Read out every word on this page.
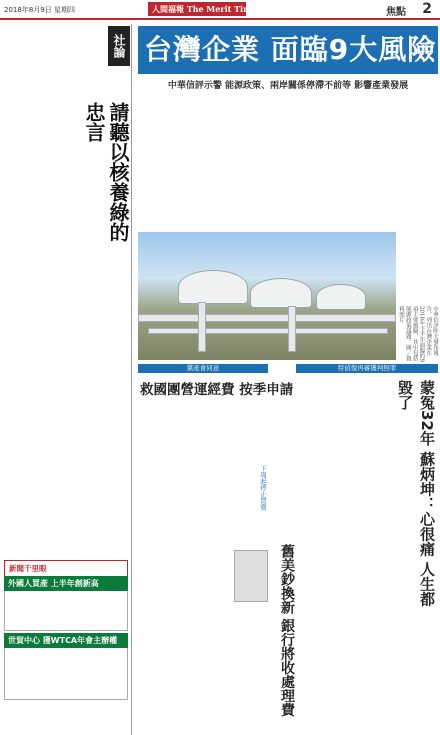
2018年8月9日 星期四	人間福報 The Merit Times	焦點 2
社論
請聽以核養綠的忠言
新聞千里眼
外國人買產 上半年創新高
世貿中心 獲WTCA年會主辦權
台灣企業 面臨9大風險
中華信評示警 能源政策、兩岸關係停滯不前等 影響產業發展
中華信評昨天發布報告，列出台灣企業在2018年下半年面臨的9項主要風險，其中包括能源政策議題。圖／資料照片
黨產會同意
救國團營運經費 按季申請
下周起停止買賣
舊美鈔換新 銀行將收處理費
特偵復再審獲判無罪
蒙冤32年 蘇炳坤：心很痛 人生都毀了
